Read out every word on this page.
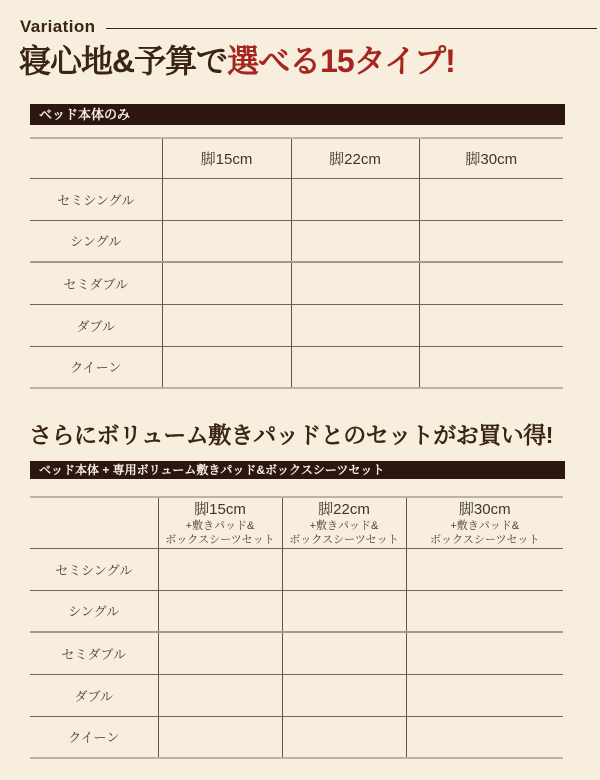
Variation
寝心地&予算で選べる15タイプ!
ベッド本体のみ
	脚15cm	脚22cm	脚30cm
セミシングル			
シングル			
セミダブル			
ダブル			
クイーン			
さらにボリューム敷きパッドとのセットがお買い得!
ベッド本体 + 専用ボリューム敷きパッド&ボックスシーツセット

	脚15cm
+敷きパッド&
ボックスシーツセット	脚22cm
+敷きパッド&
ボックスシーツセット	脚30cm
+敷きパッド&
ボックスシーツセット

セミシングル			
シングル			
セミダブル			
ダブル			
クイーン			
